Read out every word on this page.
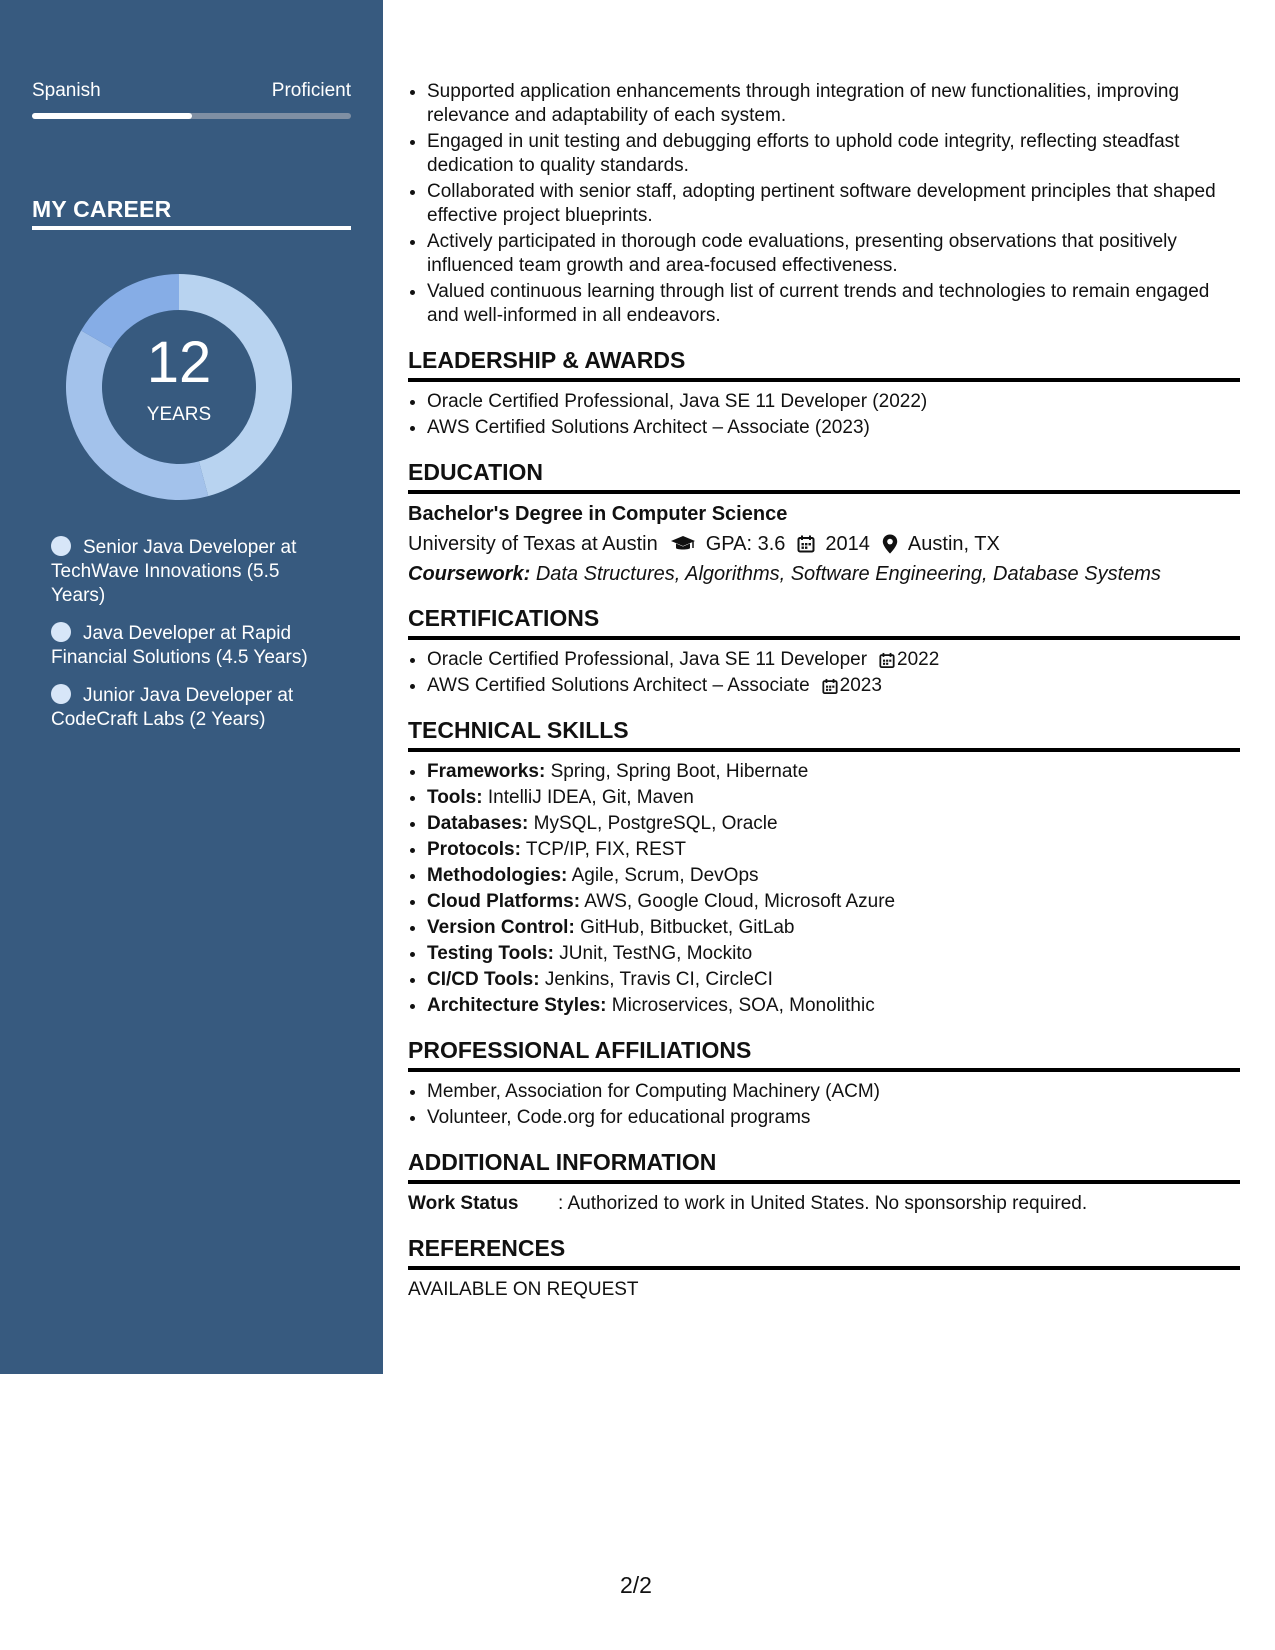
Spanish	Proficient
MY CAREER
12
YEARS
Senior Java Developer at TechWave Innovations (5.5 Years)
Java Developer at Rapid Financial Solutions (4.5 Years)
Junior Java Developer at CodeCraft Labs (2 Years)
• Supported application enhancements through integration of new functionalities, improving relevance and adaptability of each system.
• Engaged in unit testing and debugging efforts to uphold code integrity, reflecting steadfast dedication to quality standards.
• Collaborated with senior staff, adopting pertinent software development principles that shaped effective project blueprints.
• Actively participated in thorough code evaluations, presenting observations that positively influenced team growth and area-focused effectiveness.
• Valued continuous learning through list of current trends and technologies to remain engaged and well-informed in all endeavors.
LEADERSHIP & AWARDS
• Oracle Certified Professional, Java SE 11 Developer (2022)
• AWS Certified Solutions Architect – Associate (2023)
EDUCATION
Bachelor's Degree in Computer Science
University of Texas at Austin GPA: 3.6 2014 Austin, TX
Coursework: Data Structures, Algorithms, Software Engineering, Database Systems
CERTIFICATIONS
• Oracle Certified Professional, Java SE 11 Developer 2022
• AWS Certified Solutions Architect – Associate 2023
TECHNICAL SKILLS
• Frameworks: Spring, Spring Boot, Hibernate
• Tools: IntelliJ IDEA, Git, Maven
• Databases: MySQL, PostgreSQL, Oracle
• Protocols: TCP/IP, FIX, REST
• Methodologies: Agile, Scrum, DevOps
• Cloud Platforms: AWS, Google Cloud, Microsoft Azure
• Version Control: GitHub, Bitbucket, GitLab
• Testing Tools: JUnit, TestNG, Mockito
• CI/CD Tools: Jenkins, Travis CI, CircleCI
• Architecture Styles: Microservices, SOA, Monolithic
PROFESSIONAL AFFILIATIONS
• Member, Association for Computing Machinery (ACM)
• Volunteer, Code.org for educational programs
ADDITIONAL INFORMATION
Work Status	: Authorized to work in United States. No sponsorship required.
REFERENCES
AVAILABLE ON REQUEST
2/2
